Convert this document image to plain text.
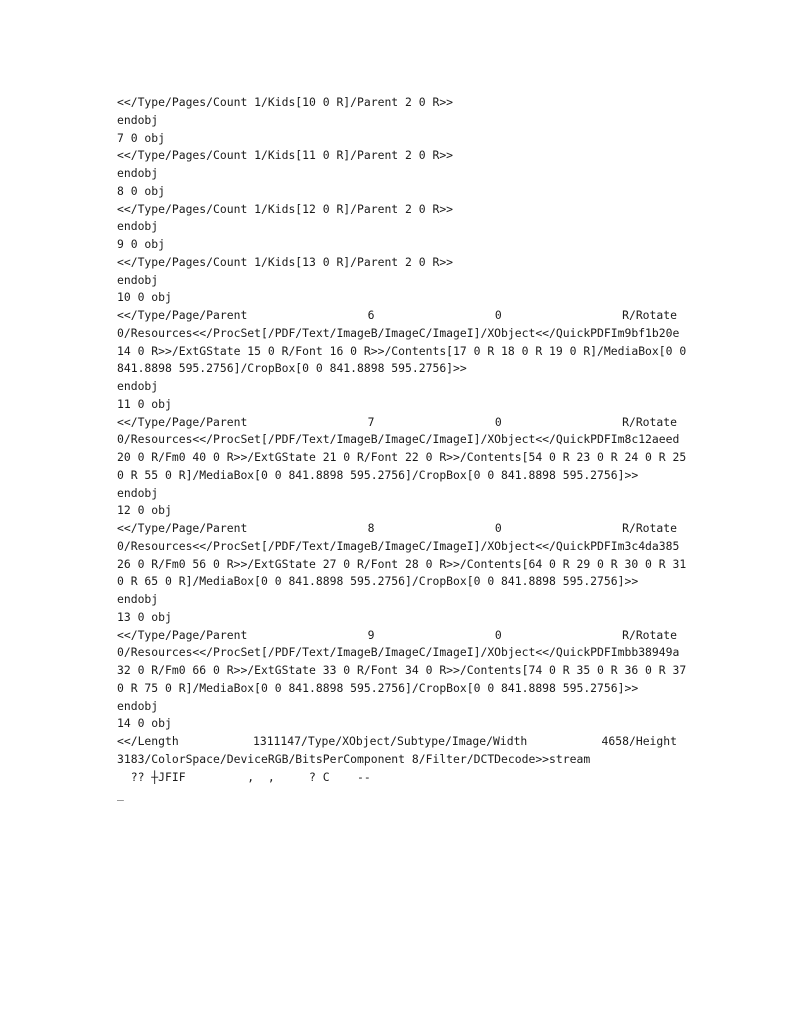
<</Type/Pages/Count 1/Kids[10 0 R]/Parent 2 0 R>>
endobj
7 0 obj
<</Type/Pages/Count 1/Kids[11 0 R]/Parent 2 0 R>>
endobj
8 0 obj
<</Type/Pages/Count 1/Kids[12 0 R]/Parent 2 0 R>>
endobj
9 0 obj
<</Type/Pages/Count 1/Kids[13 0 R]/Parent 2 0 R>>
endobj
10 0 obj
<</Type/Page/Parent	6	0	R/Rotate
0/Resources<</ProcSet[/PDF/Text/ImageB/ImageC/ImageI]/XObject<</QuickPDFIm9bf1b20e
14 0 R>>/ExtGState 15 0 R/Font 16 0 R>>/Contents[17 0 R 18 0 R 19 0 R]/MediaBox[0 0
841.8898 595.2756]/CropBox[0 0 841.8898 595.2756]>>
endobj
11 0 obj
<</Type/Page/Parent	7	0	R/Rotate
0/Resources<</ProcSet[/PDF/Text/ImageB/ImageC/ImageI]/XObject<</QuickPDFIm8c12aeed
20 0 R/Fm0 40 0 R>>/ExtGState 21 0 R/Font 22 0 R>>/Contents[54 0 R 23 0 R 24 0 R 25
0 R 55 0 R]/MediaBox[0 0 841.8898 595.2756]/CropBox[0 0 841.8898 595.2756]>>
endobj
12 0 obj
<</Type/Page/Parent	8	0	R/Rotate
0/Resources<</ProcSet[/PDF/Text/ImageB/ImageC/ImageI]/XObject<</QuickPDFIm3c4da385
26 0 R/Fm0 56 0 R>>/ExtGState 27 0 R/Font 28 0 R>>/Contents[64 0 R 29 0 R 30 0 R 31
0 R 65 0 R]/MediaBox[0 0 841.8898 595.2756]/CropBox[0 0 841.8898 595.2756]>>
endobj
13 0 obj
<</Type/Page/Parent	9	0	R/Rotate
0/Resources<</ProcSet[/PDF/Text/ImageB/ImageC/ImageI]/XObject<</QuickPDFImbb38949a
32 0 R/Fm0 66 0 R>>/ExtGState 33 0 R/Font 34 0 R>>/Contents[74 0 R 35 0 R 36 0 R 37
0 R 75 0 R]/MediaBox[0 0 841.8898 595.2756]/CropBox[0 0 841.8898 595.2756]>>
endobj
14 0 obj
<</Length	1311147/Type/XObject/Subtype/Image/Width	4658/Height
3183/ColorSpace/DeviceRGB/BitsPerComponent 8/Filter/DCTDecode>>stream
?? ┼JFIF         ,  ,     ? C    --
_
